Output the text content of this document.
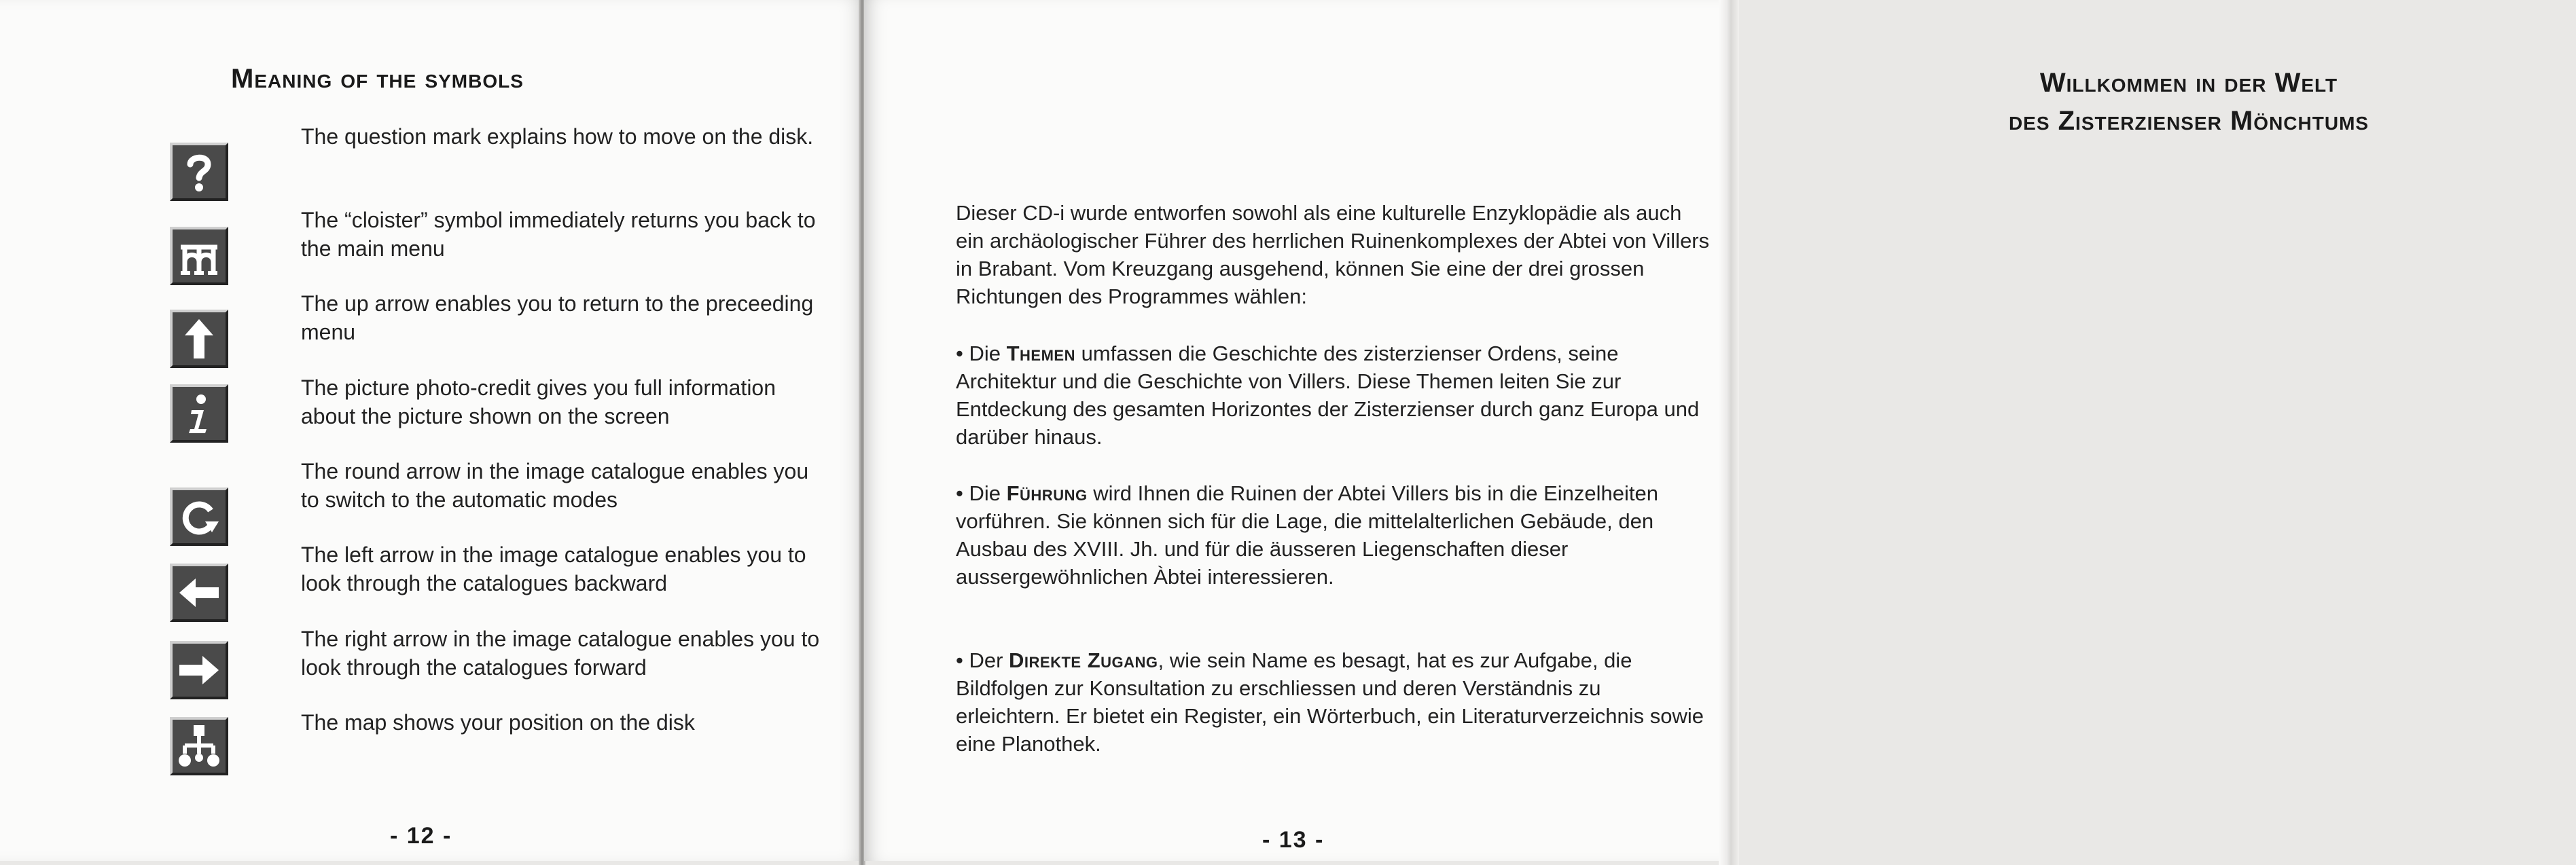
Meaning of the symbols
The question mark explains how to move on the disk.
The “cloister” symbol immediately returns you back to the main menu
The up arrow enables you to return to the preceeding menu
The picture photo-credit gives you full information about the picture shown on the screen
The round arrow in the image catalogue enables you to switch to the automatic modes
The left arrow in the image catalogue enables you to look through the catalogues backward
The right arrow in the image catalogue enables you to look through the catalogues forward
The map shows your position on the disk
- 12 -
Willkommen in der Welt
des Zisterzienser Mönchtums

Dieser CD-i wurde entworfen sowohl als eine kulturelle Enzyklopädie als auch ein archäologischer Führer des herrlichen Ruinenkomplexes der Abtei von Villers in Brabant. Vom Kreuzgang ausgehend, können Sie eine der drei grossen Richtungen des Programmes wählen:

• Die Themen umfassen die Geschichte des zisterzienser Ordens, seine Architektur und die Geschichte von Villers. Diese Themen leiten Sie zur Entdeckung des gesamten Horizontes der Zisterzienser durch ganz Europa und darüber hinaus.

• Die Führung wird Ihnen die Ruinen der Abtei Villers bis in die Einzelheiten vorführen. Sie können sich für die Lage, die mittelalterlichen Gebäude, den Ausbau des XVIII. Jh. und für die äusseren Liegenschaften dieser aussergewöhnlichen Àbtei interessieren.

• Der Direkte Zugang, wie sein Name es besagt, hat es zur Aufgabe, die Bildfolgen zur Konsultation zu erschliessen und deren Verständnis zu erleichtern. Er bietet ein Register, ein Wörterbuch, ein Literaturverzeichnis sowie eine Planothek.

- 13 -
